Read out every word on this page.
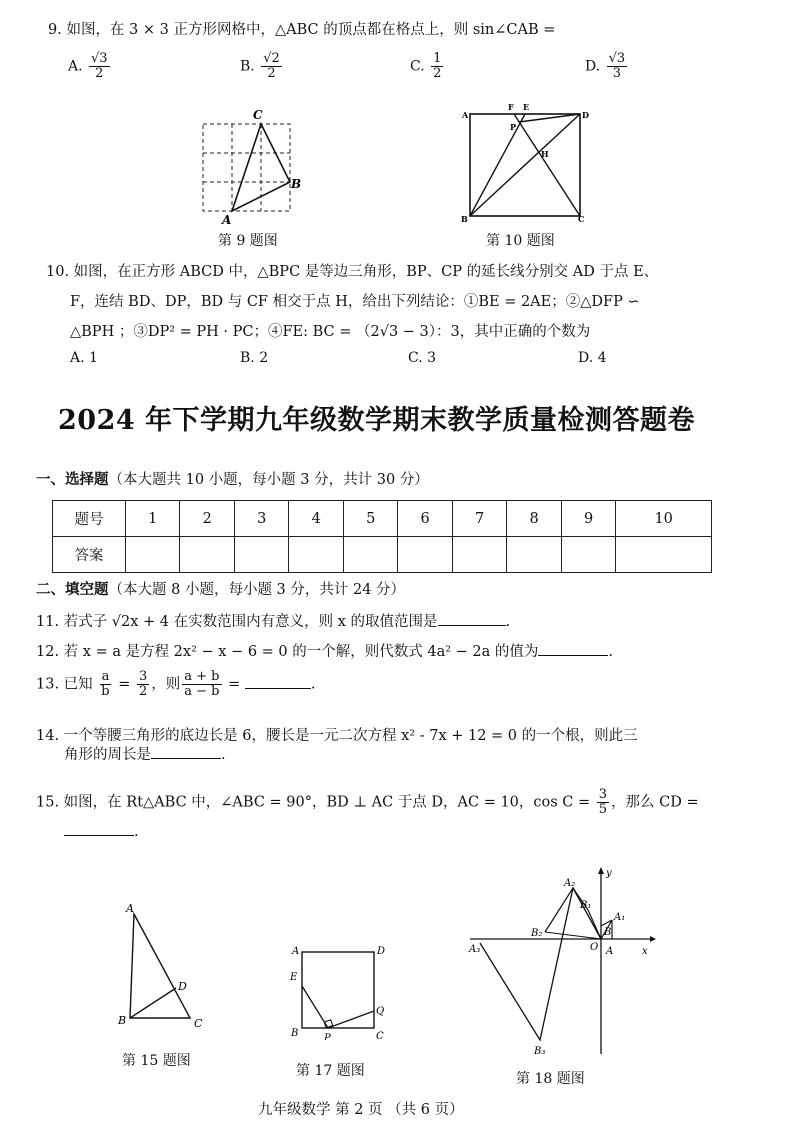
9. 如图，在 3 × 3 正方形网格中，△ABC 的顶点都在格点上，则 sin∠CAB =
A. $\frac{√3}{2}$	B. $\frac{√2}{2}$	C. $\frac{1}{2}$	D. $\frac{√3}{3}$
C
A
B
第 9 题图
A	D
B	C
F E
P
H
第 10 题图
10. 如图，在正方形 ABCD 中，△BPC 是等边三角形，BP、CP 的延长线分别交 AD 于点 E、
F，连结 BD、DP，BD 与 CF 相交于点 H，给出下列结论：①BE = 2AE；②△DFP ∽
△BPH ；③DP² = PH · PC；④FE: BC = （2√3 − 3）：3，其中正确的个数为
A. 1	B. 2	C. 3	D. 4
2024 年下学期九年级数学期末教学质量检测答题卷
一、选择题（本大题共 10 小题，每小题 3 分，共计 30 分）
题号	1	2	3	4	5	6	7	8	9	10
答案										
二、填空题（本大题 8 小题，每小题 3 分，共计 24 分）
11. 若式子 √2x + 4 在实数范围内有意义，则 x 的取值范围是	.
12. 若 x = a 是方程 2x² − x − 6 = 0 的一个解，则代数式 4a² − 2a 的值为	.
13. 已知 $\frac{a}{b} = \frac{3}{2}$ ，则 $\frac{a + b}{a - b}$ =	.
14. 一个等腰三角形的底边长是 6，腰长是一元二次方程 x² - 7x + 12 = 0 的一个根，则此三
角形的周长是	.
15. 如图，在 Rt△ABC 中，∠ABC = 90°，BD ⊥ AC 于点 D，AC = 10，$\cos C = \frac{3}{5}$ ，那么 CD =
.
A
B	C
D
第 15 题图
A	D
E
B	C
P
Q
第 17 题图
A₂
B₁
A₁
B₂	B
O A
A₃
B₃
x
y
第 18 题图
九年级数学 第 2 页 （共 6 页）
